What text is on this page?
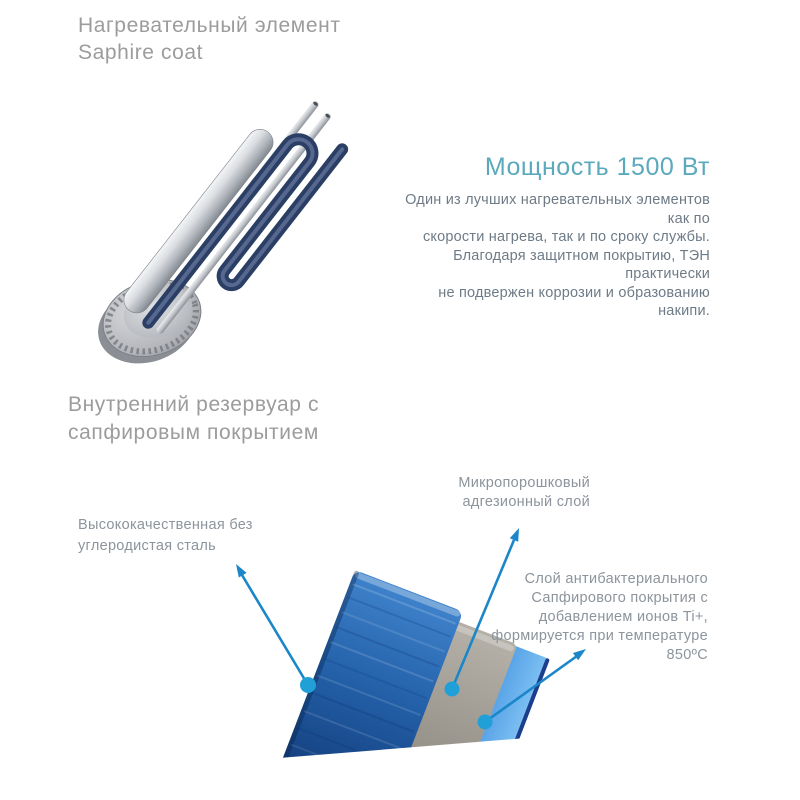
Нагревательный элемент
Saphire coat
Мощность 1500 Вт
Один из лучших нагревательных элементов как по
скорости нагрева, так и по сроку службы.
Благодаря защитном покрытию, ТЭН практически
не подвержен коррозии и образованию накипи.
Внутренний резервуар с
сапфировым покрытием
Микропорошковый
адгезионный слой
Высококачественная без
углеродистая сталь
Слой антибактериального
Сапфирового покрытия с
добавлением ионов Ti+,
формируется при температуре
850ºС
